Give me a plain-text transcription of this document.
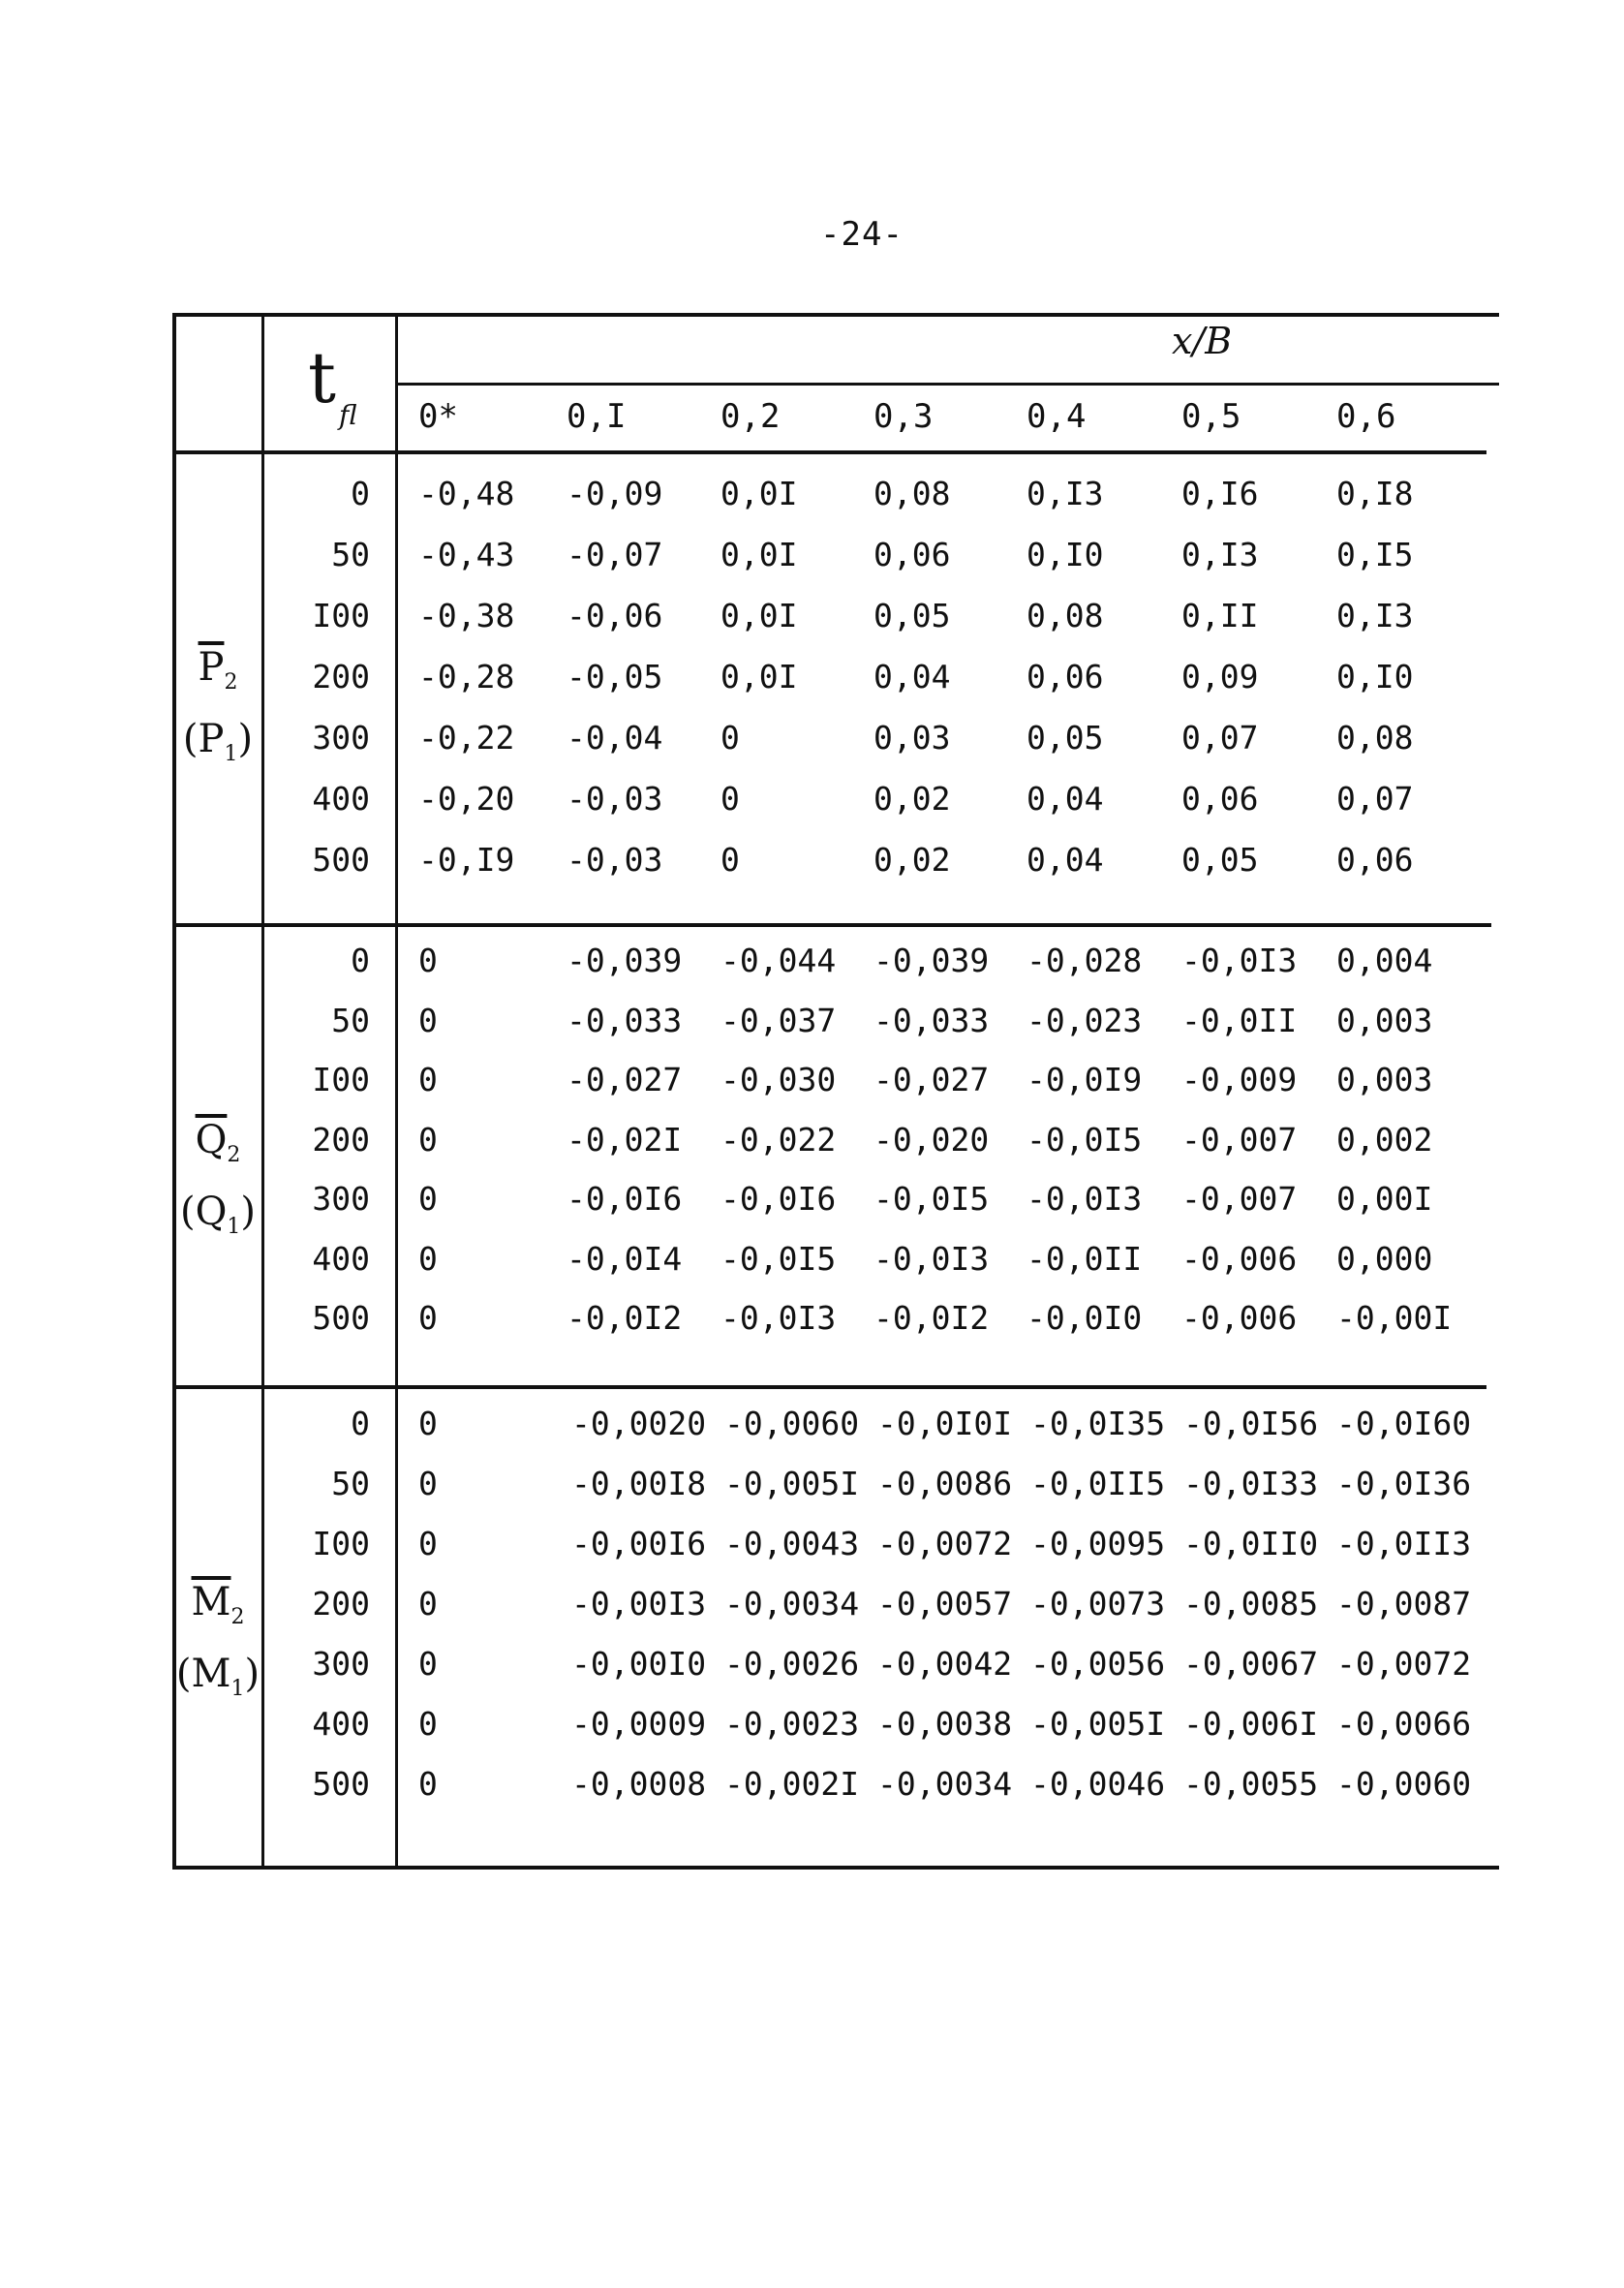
-24-
x/B
t fl 0*	0,I	0,2	0,3	0,4	0,5	0,6
$\overline{P}_2$
$(P_1)$
0 -0,48 -0,09 0,0I 0,08 0,I3 0,I6 0,I8
50 -0,43 -0,07 0,0I 0,06 0,I0 0,I3 0,I5
I00 -0,38 -0,06 0,0I 0,05 0,08 0,II 0,I3
200 -0,28 -0,05 0,0I 0,04 0,06 0,09 0,I0
300 -0,22 -0,04 0	0,03 0,05 0,07 0,08
400 -0,20 -0,03 0	0,02 0,04 0,06 0,07
500 -0,I9 -0,03 0	0,02 0,04 0,05 0,06
$\overline{Q}_2$
$(Q_1)$
0 0	-0,039 -0,044 -0,039 -0,028 -0,0I3 0,004
50 0	-0,033 -0,037 -0,033 -0,023 -0,0II 0,003
I00 0	-0,027 -0,030 -0,027 -0,0I9 -0,009 0,003
200 0	-0,02I -0,022 -0,020 -0,0I5 -0,007 0,002
300 0	-0,0I6 -0,0I6 -0,0I5 -0,0I3 -0,007 0,00I
400 0	-0,0I4 -0,0I5 -0,0I3 -0,0II -0,006 0,000
500 0	-0,0I2 -0,0I3 -0,0I2 -0,0I0 -0,006 -0,00I
$\overline{M}_2$
$(M_1)$
0 0	-0,0020 -0,0060 -0,0I0I -0,0I35 -0,0I56 -0,0I60
50 0	-0,00I8 -0,005I -0,0086 -0,0II5 -0,0I33 -0,0I36
I00 0	-0,00I6 -0,0043 -0,0072 -0,0095 -0,0II0 -0,0II3
200 0	-0,00I3 -0,0034 -0,0057 -0,0073 -0,0085 -0,0087
300 0	-0,00I0 -0,0026 -0,0042 -0,0056 -0,0067 -0,0072
400 0	-0,0009 -0,0023 -0,0038 -0,005I -0,006I -0,0066
500 0	-0,0008 -0,002I -0,0034 -0,0046 -0,0055 -0,0060
